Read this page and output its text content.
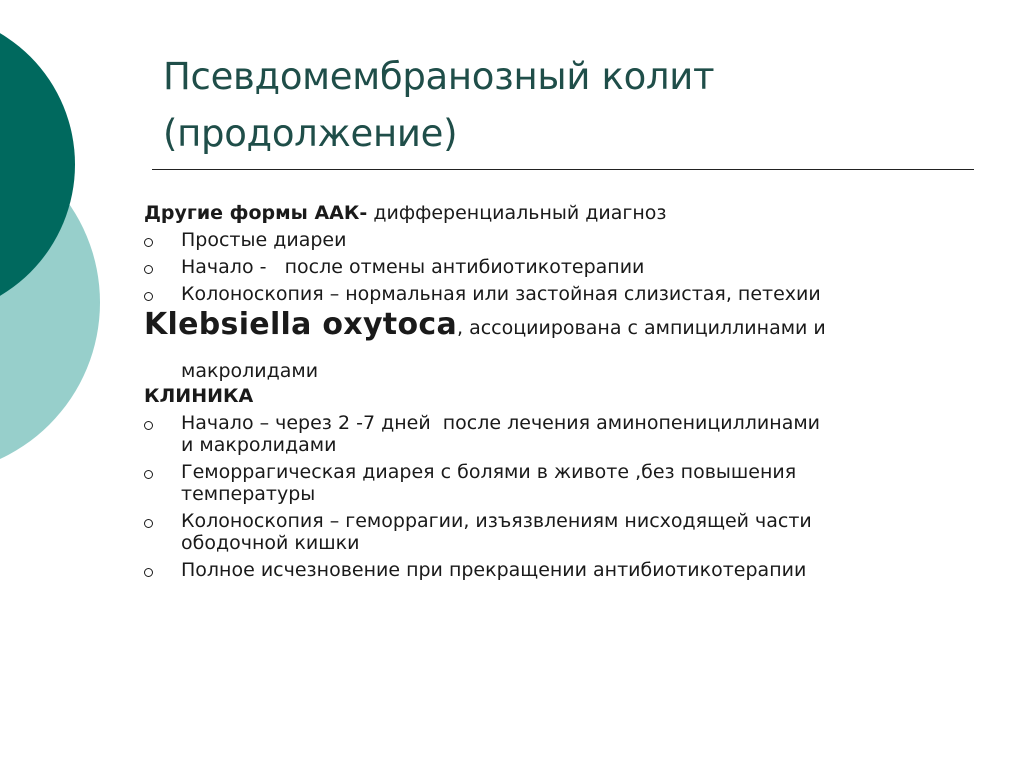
Псевдомембранозный колит
(продолжение)

Другие формы ААК- дифференциальный диагноз

Простые диареи

Начало -   после отмены антибиотикотерапии

Колоноскопия – нормальная или застойная слизистая, петехии

Klebsiella oxytoca, ассоциирована с ампициллинами и

макролидами

КЛИНИКА

Начало – через 2 -7 дней  после лечения аминопенициллинами
и макролидами
Геморрагическая диарея с болями в животе ,без повышения
температуры
Колоноскопия – геморрагии, изъязвлениям нисходящей части
ободочной кишки
Полное исчезновение при прекращении антибиотикотерапии
